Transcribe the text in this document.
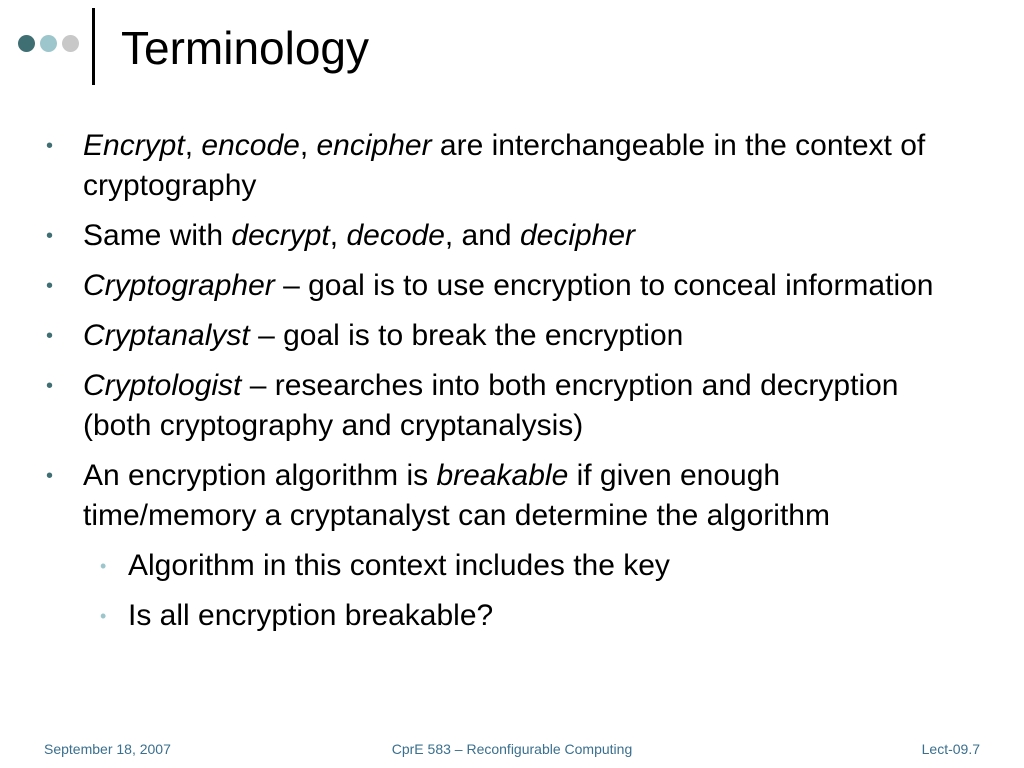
Terminology
• Encrypt, encode, encipher are interchangeable in the context of cryptography
• Same with decrypt, decode, and decipher
• Cryptographer – goal is to use encryption to conceal information
• Cryptanalyst – goal is to break the encryption
• Cryptologist – researches into both encryption and decryption (both cryptography and cryptanalysis)
• An encryption algorithm is breakable if given enough time/memory a cryptanalyst can determine the algorithm
• Algorithm in this context includes the key
• Is all encryption breakable?
September 18, 2007	CprE 583 – Reconfigurable Computing	Lect-09.7
